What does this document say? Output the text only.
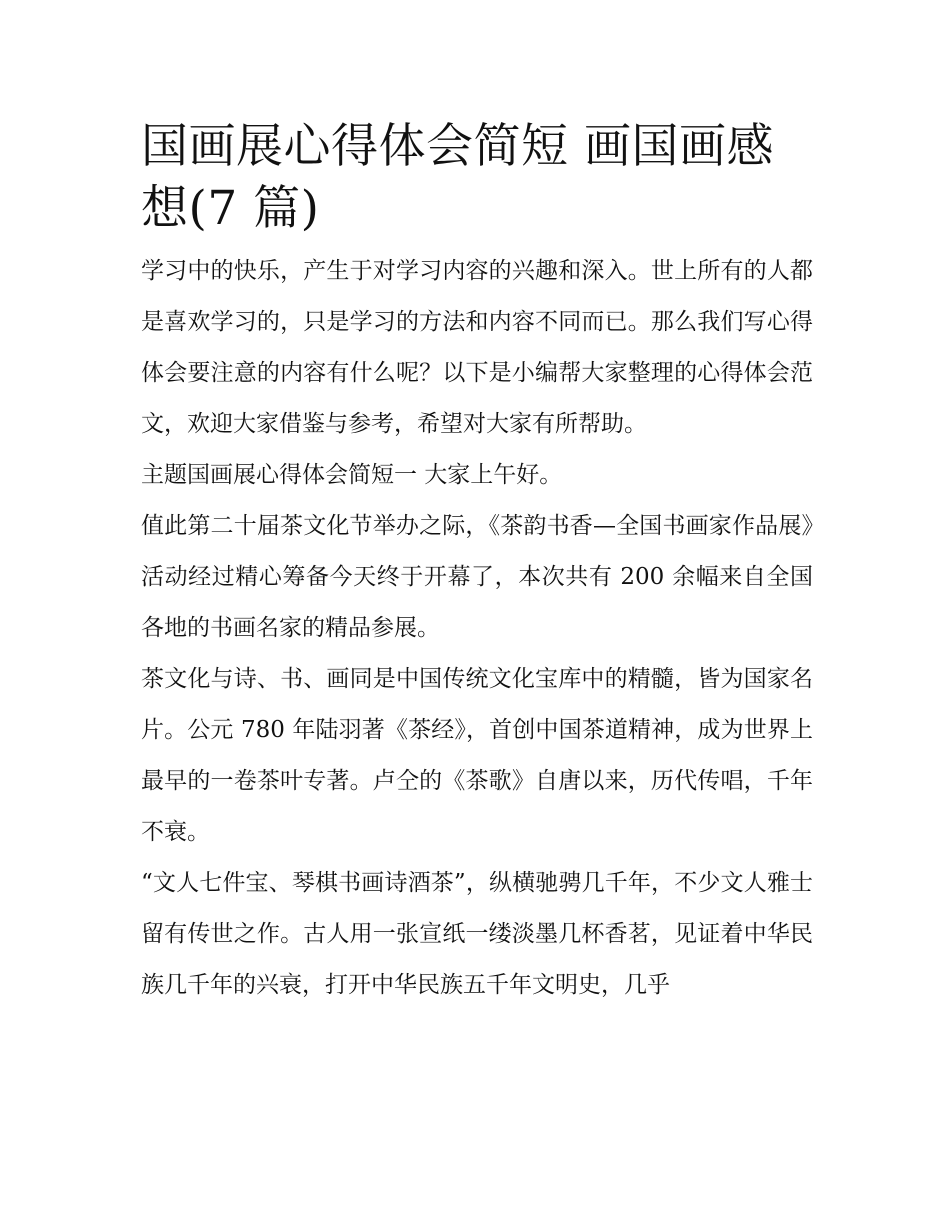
国画展心得体会简短 画国画感
想(7 篇)

学习中的快乐，产生于对学习内容的兴趣和深入。世上所有的人都是喜欢学习的，只是学习的方法和内容不同而已。那么我们写心得体会要注意的内容有什么呢？以下是小编帮大家整理的心得体会范文，欢迎大家借鉴与参考，希望对大家有所帮助。

主题国画展心得体会简短一 大家上午好。

值此第二十届茶文化节举办之际，《茶韵书香—全国书画家作品展》活动经过精心筹备今天终于开幕了，本次共有 200 余幅来自全国各地的书画名家的精品参展。

茶文化与诗、书、画同是中国传统文化宝库中的精髓，皆为国家名片。公元 780 年陆羽著《茶经》，首创中国茶道精神，成为世界上最早的一卷茶叶专著。卢仝的《茶歌》自唐以来，历代传唱，千年不衰。

“文人七件宝、琴棋书画诗酒茶”，纵横驰骋几千年，不少文人雅士留有传世之作。古人用一张宣纸一缕淡墨几杯香茗，见证着中华民族几千年的兴衰，打开中华民族五千年文明史，几乎
